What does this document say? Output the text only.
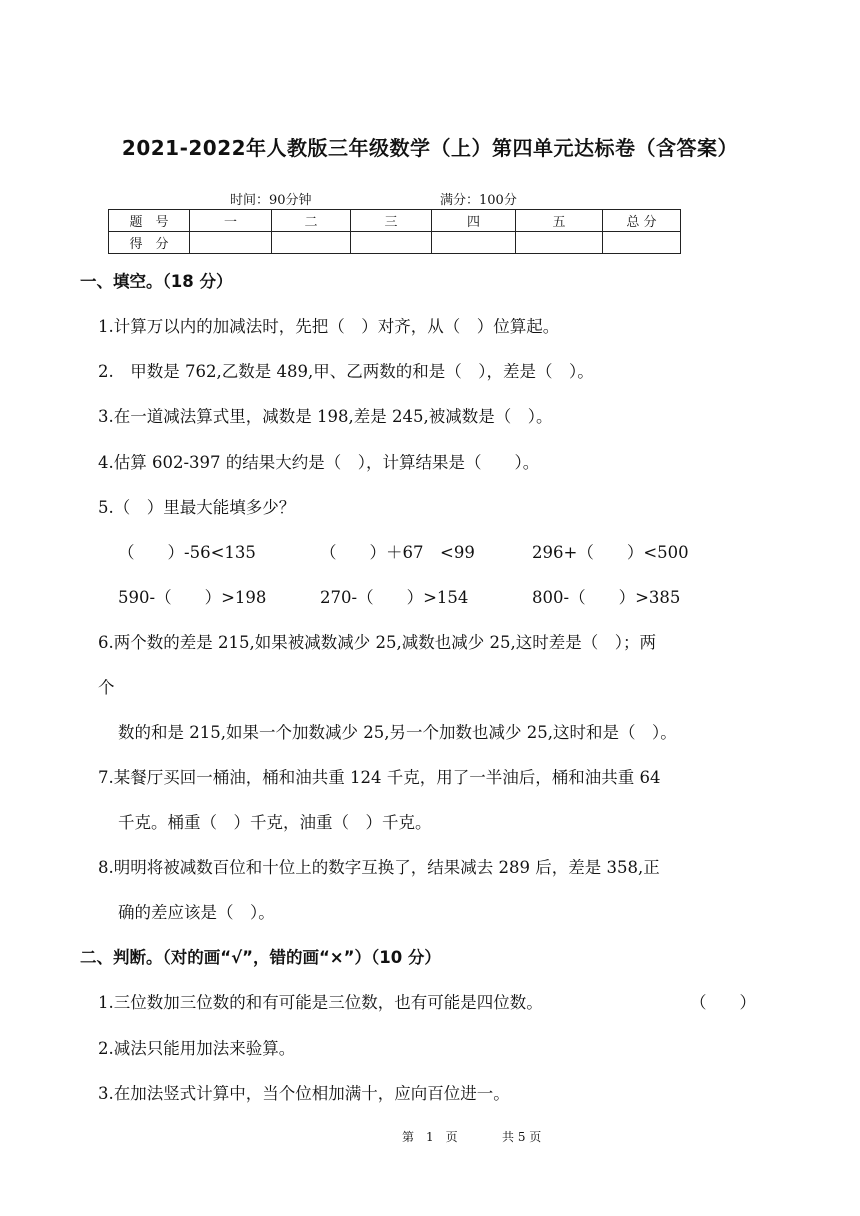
2021-2022年人教版三年级数学（上）第四单元达标卷（含答案）
时间：90分钟	满分：100分
题　号	一	二	三	四	五	总 分
得　分						
一、填空。（18 分）
1.计算万以内的加减法时，先把（　）对齐，从（　）位算起。
2.　甲数是 762,乙数是 489,甲、乙两数的和是（　），差是（　）。
3.在一道减法算式里，减数是 198,差是 245,被减数是（　）。
4.估算 602-397 的结果大约是（　），计算结果是（　　）。
5.（　）里最大能填多少？
（　　）-56<135	（　　）＋67　<99	296+（　　）<500
590-（　　）>198	270-（　　）>154	800-（　　）>385
6.两个数的差是 215,如果被减数减少 25,减数也减少 25,这时差是（　）；两
个
数的和是 215,如果一个加数减少 25,另一个加数也减少 25,这时和是（　）。
7.某餐厅买回一桶油，桶和油共重 124 千克，用了一半油后，桶和油共重 64
千克。桶重（　）千克，油重（　）千克。
8.明明将被减数百位和十位上的数字互换了，结果减去 289 后，差是 358,正
确的差应该是（　）。
二、判断。（对的画“√”，错的画“×”）（10 分）
1.三位数加三位数的和有可能是三位数，也有可能是四位数。	（　　）
2.减法只能用加法来验算。
3.在加法竖式计算中，当个位相加满十，应向百位进一。
第　1　页	共 5 页
